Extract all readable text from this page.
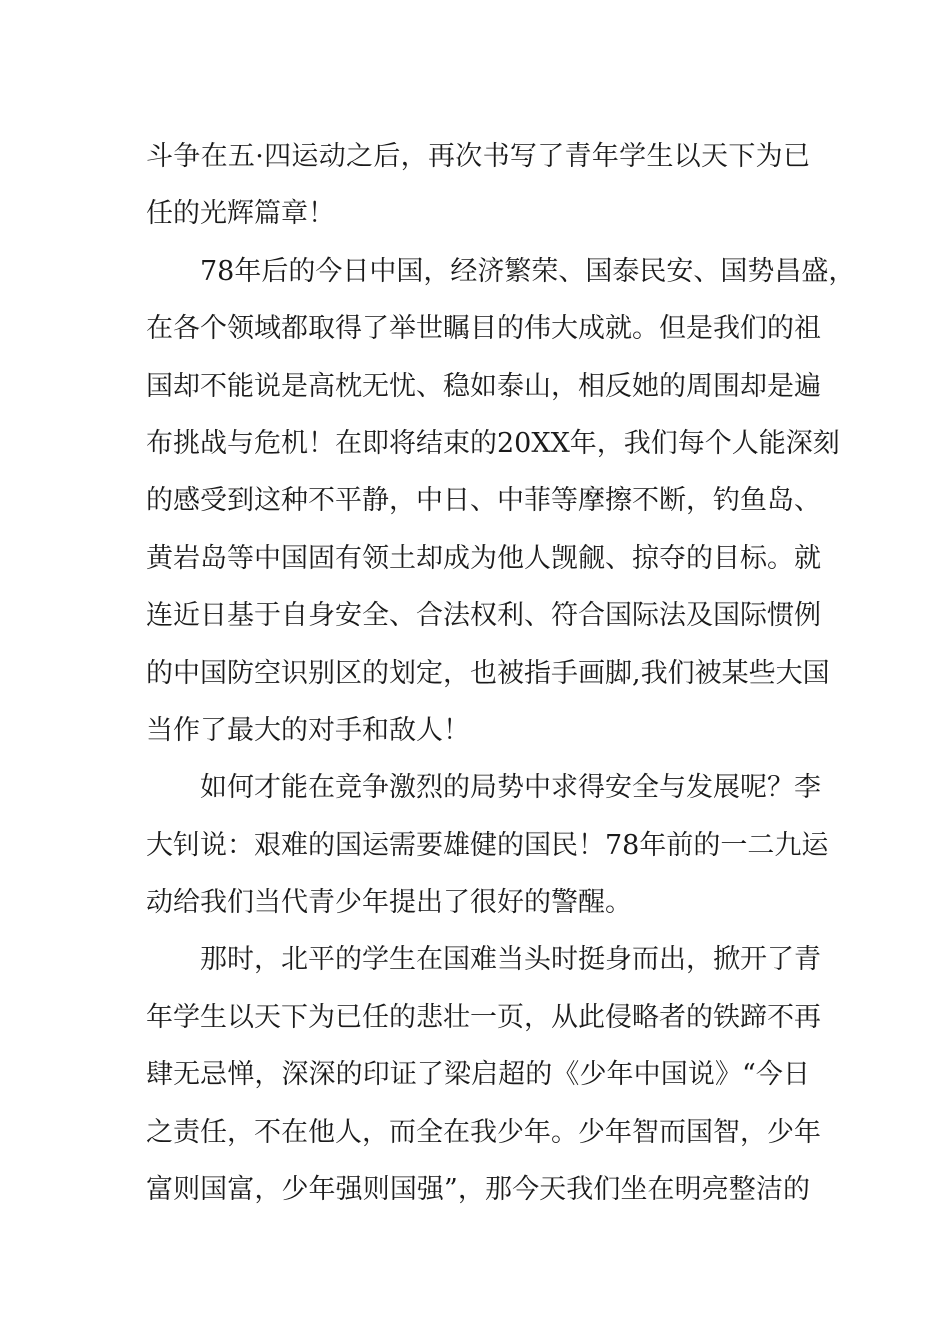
斗争在五·四运动之后，再次书写了青年学生以天下为已
任的光辉篇章！
78年后的今日中国，经济繁荣、国泰民安、国势昌盛，
在各个领域都取得了举世瞩目的伟大成就。但是我们的祖
国却不能说是高枕无忧、稳如泰山，相反她的周围却是遍
布挑战与危机！在即将结束的20XX年，我们每个人能深刻
的感受到这种不平静，中日、中菲等摩擦不断，钓鱼岛、
黄岩岛等中国固有领土却成为他人觊觎、掠夺的目标。就
连近日基于自身安全、合法权利、符合国际法及国际惯例
的中国防空识别区的划定，也被指手画脚,我们被某些大国
当作了最大的对手和敌人！
如何才能在竞争激烈的局势中求得安全与发展呢？李
大钊说：艰难的国运需要雄健的国民！78年前的一二九运
动给我们当代青少年提出了很好的警醒。
那时，北平的学生在国难当头时挺身而出，掀开了青
年学生以天下为已任的悲壮一页，从此侵略者的铁蹄不再
肆无忌惮，深深的印证了梁启超的《少年中国说》“今日
之责任，不在他人，而全在我少年。少年智而国智，少年
富则国富，少年强则国强”，那今天我们坐在明亮整洁的
